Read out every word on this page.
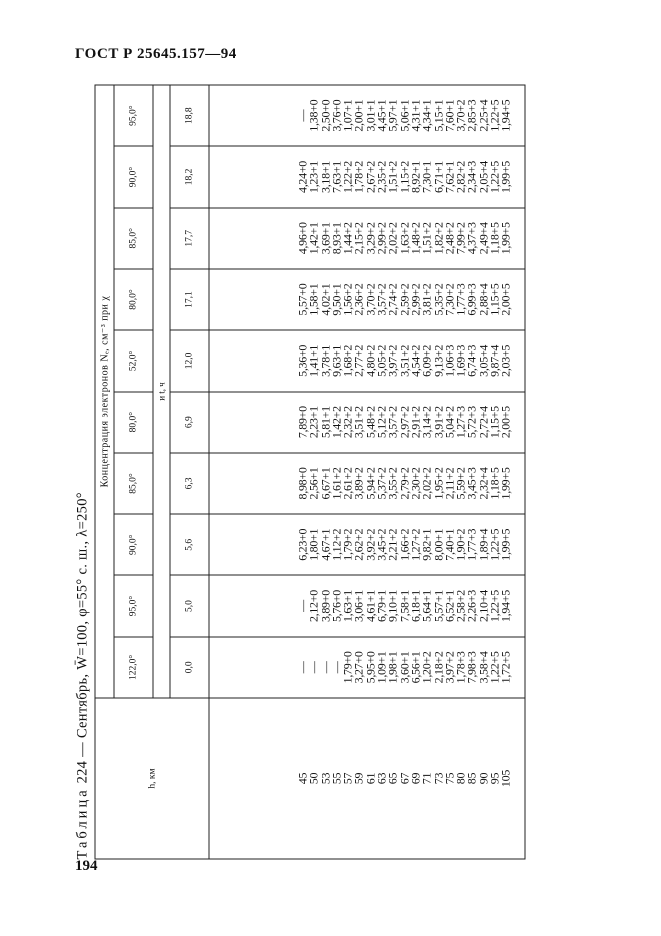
ГОСТ Р 25645.157—94
194
Таблица 224 — Сентябрь, W̄=100, φ=55° с. ш., λ=250°	h, км	Концентрация электронов Nₑ, см⁻³ при χ									
	122,0°	95,0°	90,0°	85,0°	80,0°	52,0°	80,0°	85,0°	90,0°	95,0°
	и t, ч									
	0,0	5,0	5,6	6,3	6,9	12,0	17,1	17,7	18,2	18,8
45	—	—	6,23+0	8,98+0	7,89+0	5,36+0	5,57+0	4,96+0	4,24+0	—
50	—	2,12+0	1,80+1	2,56+1	2,23+1	1,41+1	1,58+1	1,42+1	1,23+1	1,38+0
53	—	3,89+0	4,67+1	6,67+1	5,81+1	3,78+1	4,02+1	3,69+1	3,18+1	2,50+0
55	—	5,76+0	1,12+2	1,61+2	1,42+2	9,63+1	9,50+1	8,93+1	7,63+1	3,76+0
57	1,79+0	1,63+1	1,79+2	2,61+2	2,32+2	1,68+2	1,56+2	1,44+2	1,22+2	1,07+1
59	3,27+0	3,06+1	2,62+2	3,89+2	3,51+2	2,77+2	2,36+2	2,15+2	1,78+2	2,00+1
61	5,95+0	4,61+1	3,92+2	5,94+2	5,48+2	4,80+2	3,70+2	3,29+2	2,67+2	3,01+1
63	1,09+1	6,79+1	3,45+2	5,37+2	5,12+2	5,05+2	3,57+2	2,99+2	2,35+2	4,45+1
65	1,98+1	9,10+1	2,21+2	3,55+2	3,57+2	3,97+2	2,74+2	2,02+2	1,51+2	5,97+1
67	3,60+1	7,58+1	1,66+2	2,79+2	2,97+2	3,51+2	2,59+2	1,63+2	1,15+2	5,06+1
69	6,56+1	6,18+1	1,27+2	2,30+2	2,91+2	4,54+2	2,99+2	1,48+2	8,92+1	4,31+1
71	1,20+2	5,64+1	9,82+1	2,02+2	3,14+2	6,09+2	3,81+2	1,51+2	7,30+1	4,34+1
73	2,18+2	5,57+1	8,00+1	1,95+2	3,91+2	9,13+2	5,35+2	1,82+2	6,71+1	5,15+1
75	3,97+2	6,52+1	7,40+1	2,11+2	5,04+2	1,06+3	7,30+2	2,48+2	7,62+1	7,60+1
80	1,78+3	2,58+2	1,90+2	5,59+2	1,27+3	1,69+3	1,77+3	7,99+2	2,82+2	3,70+2
85	7,98+3	2,26+3	1,77+3	3,45+3	5,72+3	6,74+3	6,99+3	4,37+3	2,34+3	2,85+3
90	3,58+4	2,10+4	1,89+4	2,32+4	2,72+4	3,05+4	2,88+4	2,49+4	2,05+4	2,25+4
95	1,22+5	1,22+5	1,22+5	1,18+5	1,15+5	9,87+4	1,15+5	1,18+5	1,22+5	1,22+5
105	1,72+5	1,94+5	1,99+5	1,99+5	2,00+5	2,03+5	2,00+5	1,99+5	1,99+5	1,94+5
